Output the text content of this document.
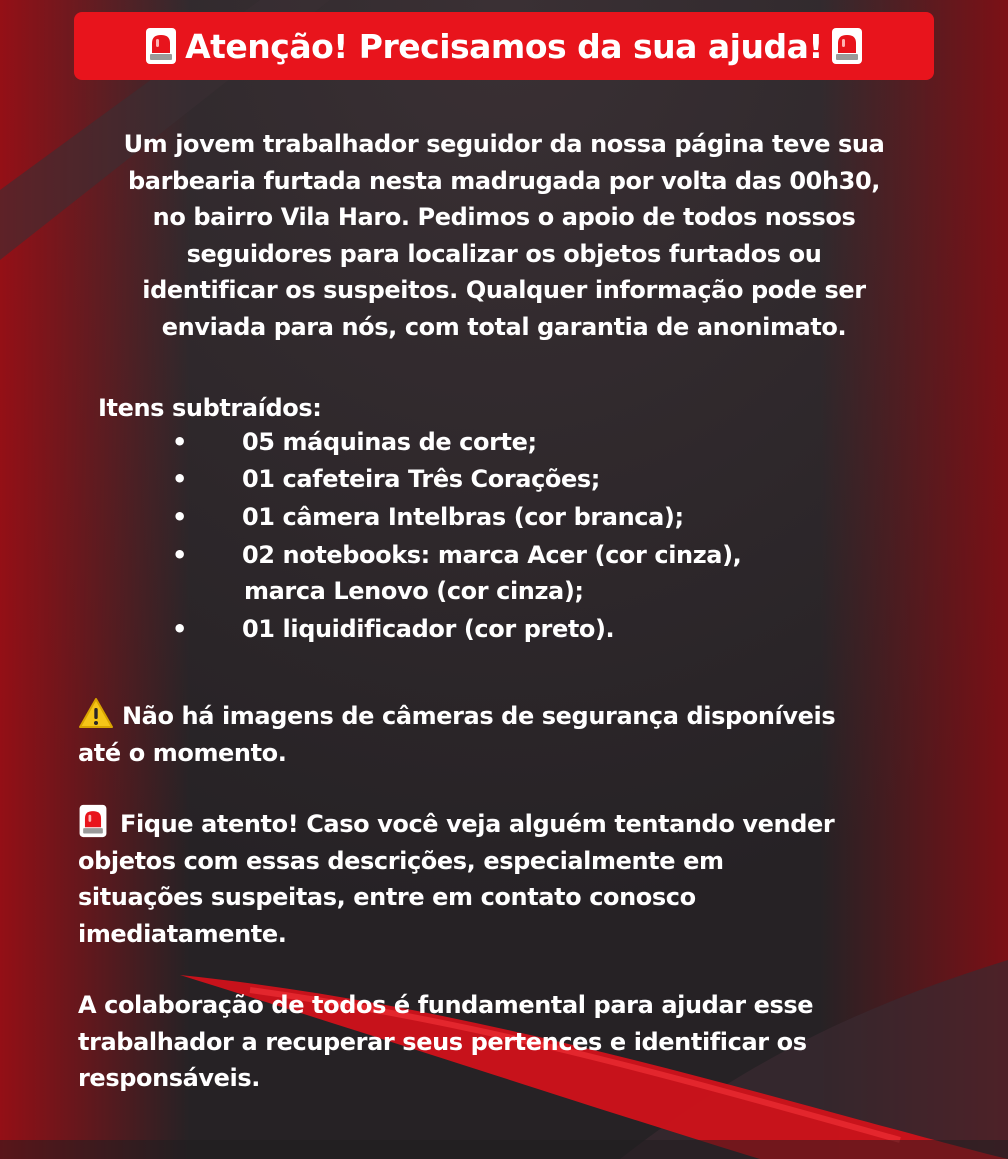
Atenção! Precisamos da sua ajuda!

Um jovem trabalhador seguidor da nossa página teve sua
barbearia furtada nesta madrugada por volta das 00h30,
no bairro Vila Haro. Pedimos o apoio de todos nossos
seguidores para localizar os objetos furtados ou
identificar os suspeitos. Qualquer informação pode ser
enviada para nós, com total garantia de anonimato.

Itens subtraídos:
• 05 máquinas de corte;
• 01 cafeteira Três Corações;
• 01 câmera Intelbras (cor branca);
• 02 notebooks: marca Acer (cor cinza),
marca Lenovo (cor cinza);
• 01 liquidificador (cor preto).

Não há imagens de câmeras de segurança disponíveis
até o momento.

Fique atento! Caso você veja alguém tentando vender
objetos com essas descrições, especialmente em
situações suspeitas, entre em contato conosco
imediatamente.

A colaboração de todos é fundamental para ajudar esse
trabalhador a recuperar seus pertences e identificar os
responsáveis.
